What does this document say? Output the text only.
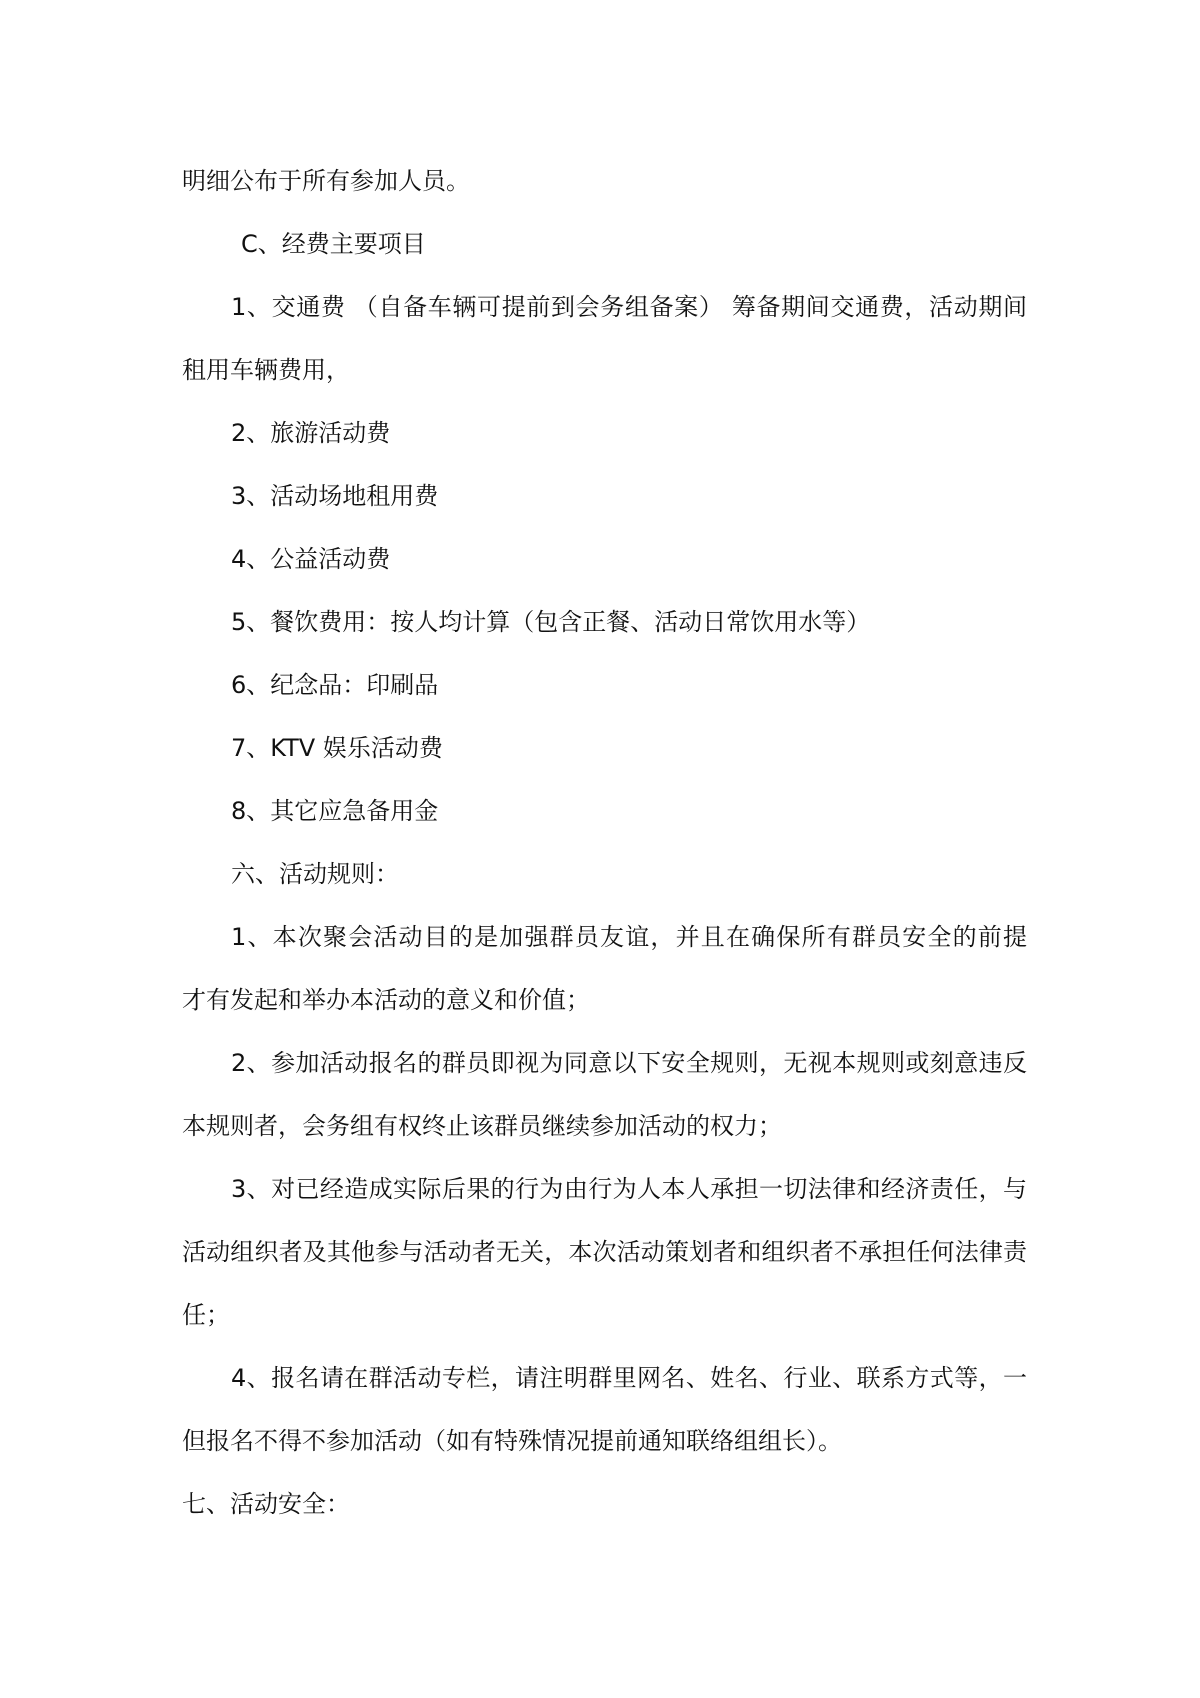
明细公布于所有参加人员。
C、经费主要项目
1、交通费 （自备车辆可提前到会务组备案） 筹备期间交通费，活动期间
租用车辆费用，
2、旅游活动费
3、活动场地租用费
4、公益活动费
5、餐饮费用：按人均计算（包含正餐、活动日常饮用水等）
6、纪念品：印刷品
7、KTV 娱乐活动费
8、其它应急备用金
六、活动规则：
1、本次聚会活动目的是加强群员友谊，并且在确保所有群员安全的前提
才有发起和举办本活动的意义和价值；
2、参加活动报名的群员即视为同意以下安全规则，无视本规则或刻意违反
本规则者，会务组有权终止该群员继续参加活动的权力；
3、对已经造成实际后果的行为由行为人本人承担一切法律和经济责任，与
活动组织者及其他参与活动者无关，本次活动策划者和组织者不承担任何法律责
任；
4、报名请在群活动专栏，请注明群里网名、姓名、行业、联系方式等，一
但报名不得不参加活动（如有特殊情况提前通知联络组组长）。
七、活动安全：
